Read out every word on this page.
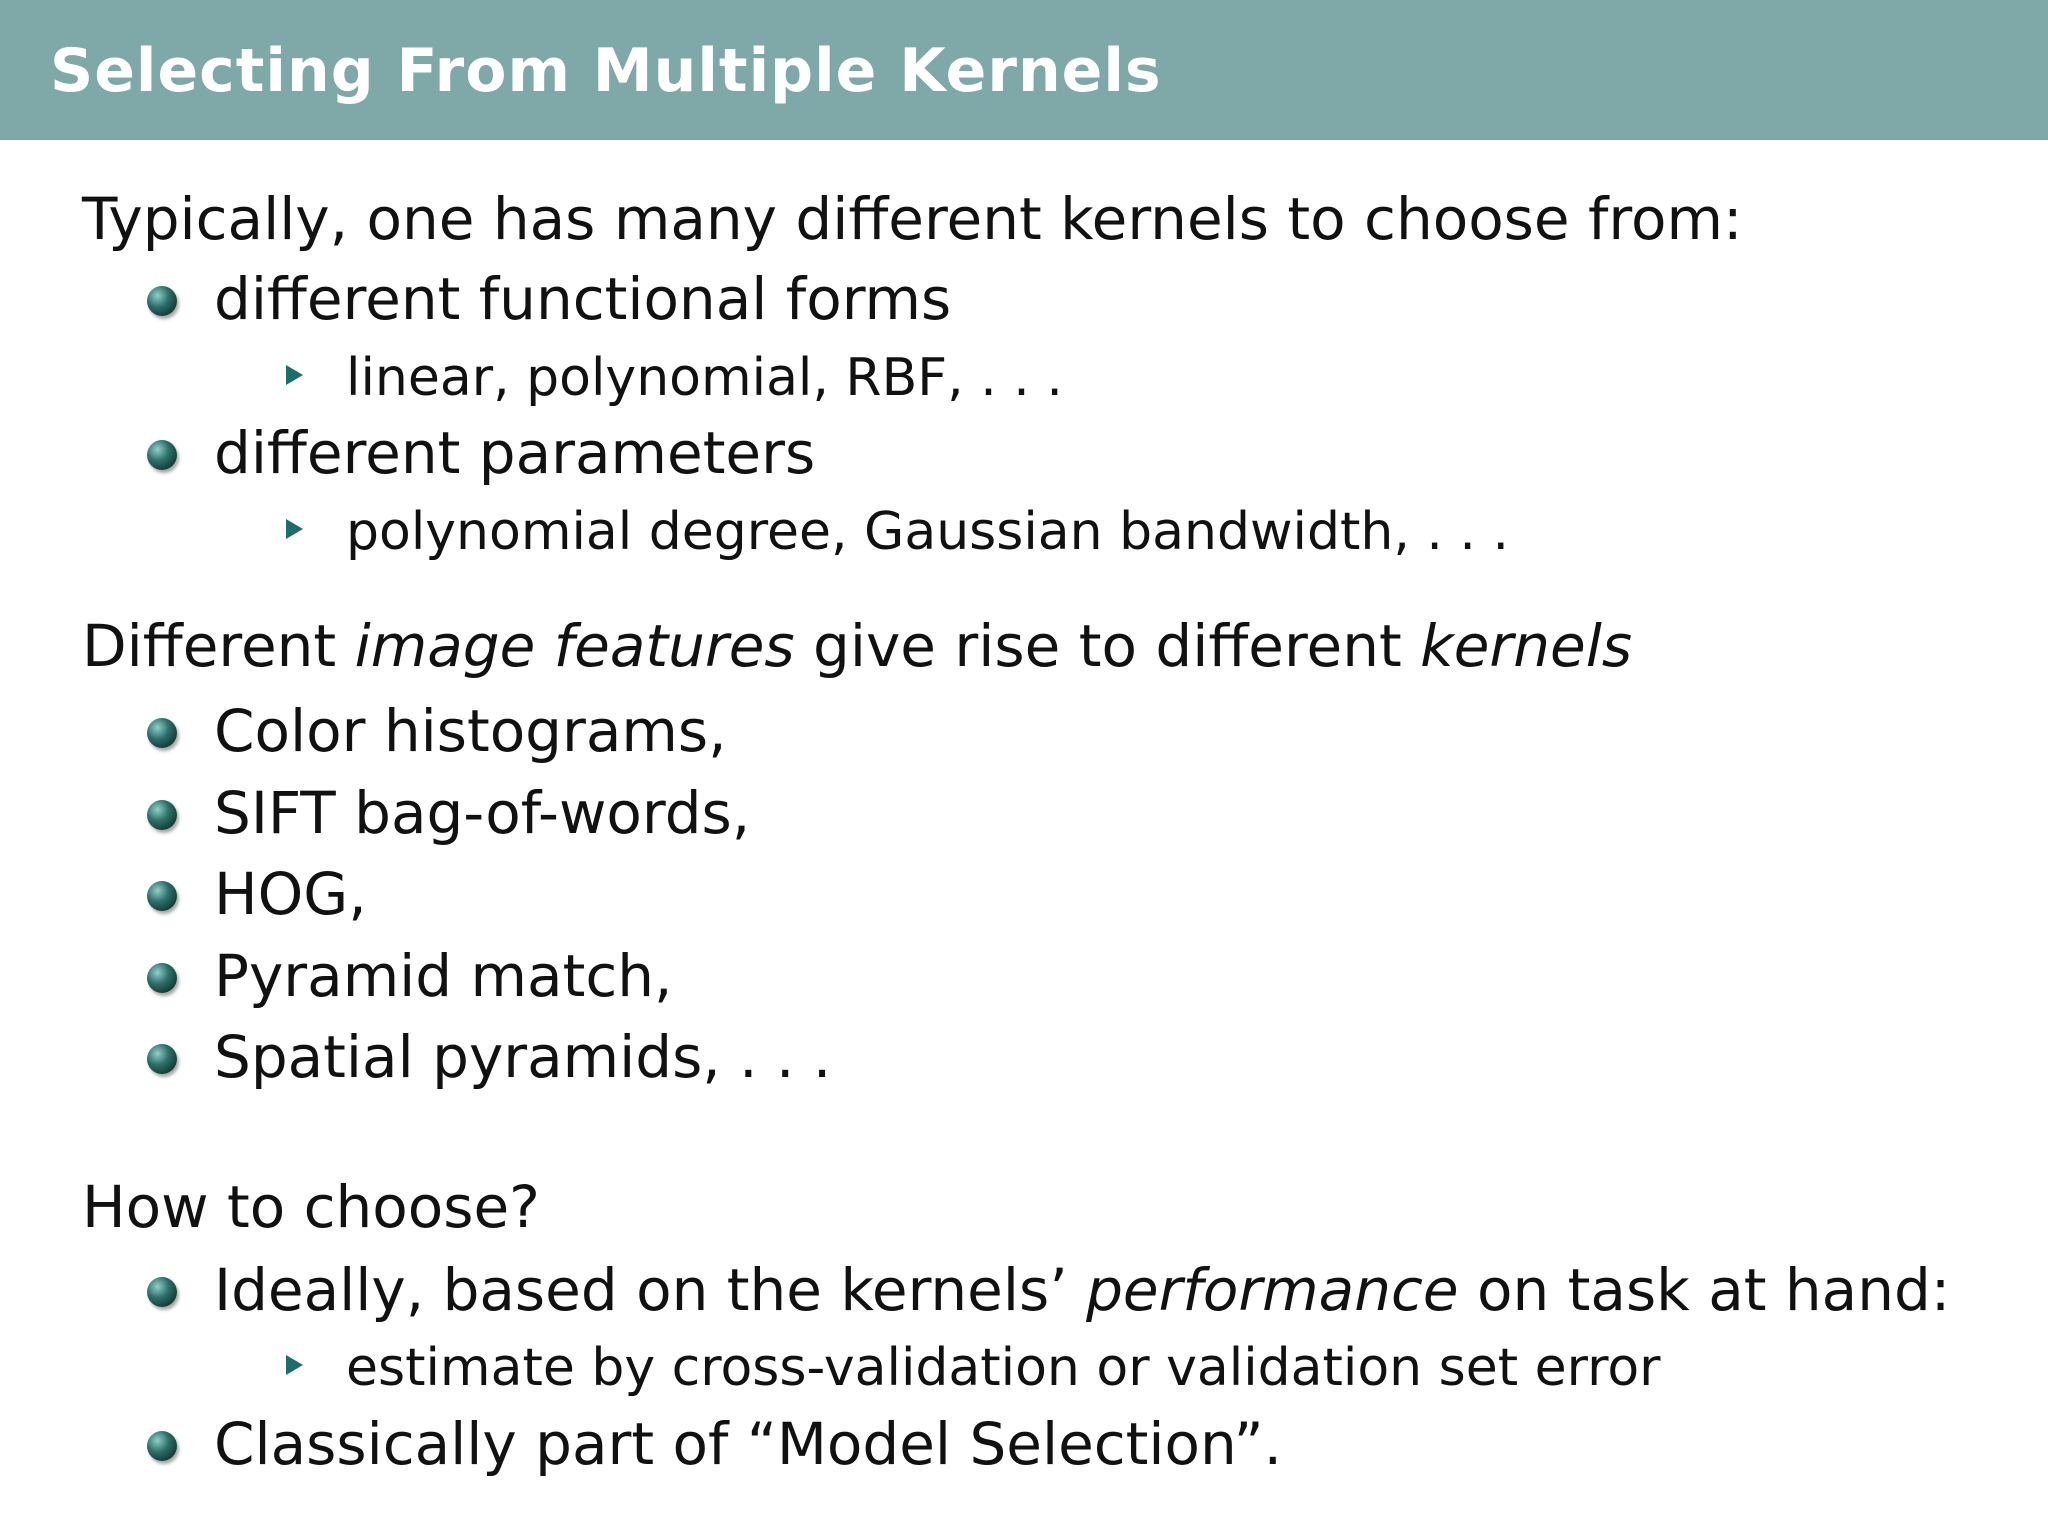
Selecting From Multiple Kernels
Typically, one has many different kernels to choose from:
different functional forms
linear, polynomial, RBF, . . .
different parameters
polynomial degree, Gaussian bandwidth, . . .
Different image features give rise to different kernels
Color histograms,
SIFT bag-of-words,
HOG,
Pyramid match,
Spatial pyramids, . . .
How to choose?
Ideally, based on the kernels’ performance on task at hand:
estimate by cross-validation or validation set error
Classically part of “Model Selection”.
